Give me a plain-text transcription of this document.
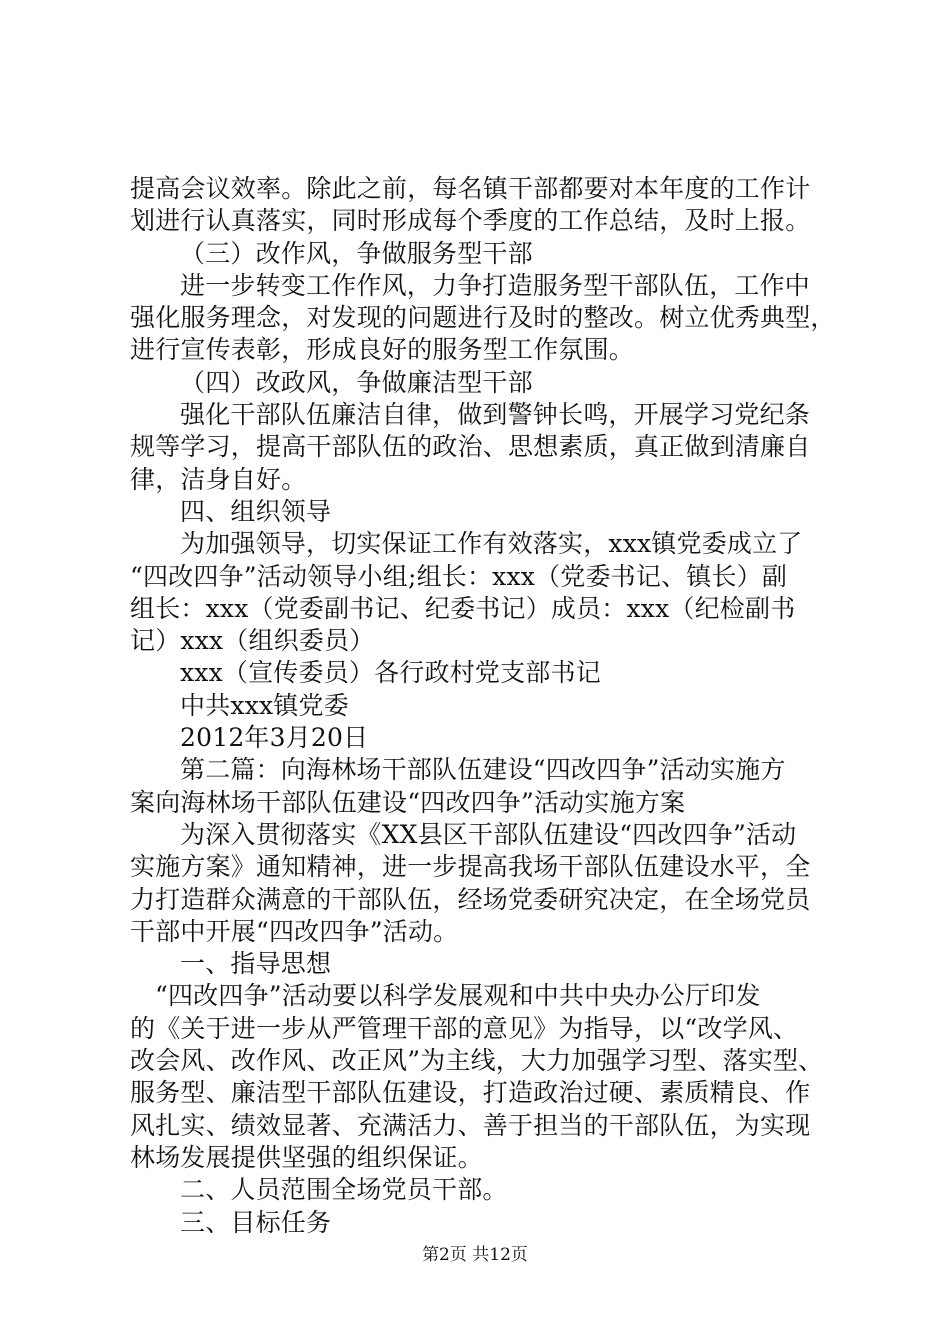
提高会议效率。除此之前，每名镇干部都要对本年度的工作计
划进行认真落实，同时形成每个季度的工作总结，及时上报。
（三）改作风，争做服务型干部
进一步转变工作作风，力争打造服务型干部队伍，工作中
强化服务理念，对发现的问题进行及时的整改。树立优秀典型，
进行宣传表彰，形成良好的服务型工作氛围。
（四）改政风，争做廉洁型干部
强化干部队伍廉洁自律，做到警钟长鸣，开展学习党纪条
规等学习，提高干部队伍的政治、思想素质，真正做到清廉自
律，洁身自好。
四、组织领导
为加强领导，切实保证工作有效落实，xxx镇党委成立了
“四改四争”活动领导小组;组长：xxx（党委书记、镇长）副
组长：xxx（党委副书记、纪委书记）成员：xxx（纪检副书
记）xxx（组织委员）
xxx（宣传委员）各行政村党支部书记
中共xxx镇党委
2012年3月20日
第二篇：向海林场干部队伍建设“四改四争”活动实施方
案向海林场干部队伍建设“四改四争”活动实施方案
为深入贯彻落实《XX县区干部队伍建设“四改四争”活动
实施方案》通知精神，进一步提高我场干部队伍建设水平，全
力打造群众满意的干部队伍，经场党委研究决定，在全场党员
干部中开展“四改四争”活动。
一、指导思想
“四改四争”活动要以科学发展观和中共中央办公厅印发
的《关于进一步从严管理干部的意见》为指导，以“改学风、
改会风、改作风、改正风”为主线，大力加强学习型、落实型、
服务型、廉洁型干部队伍建设，打造政治过硬、素质精良、作
风扎实、绩效显著、充满活力、善于担当的干部队伍，为实现
林场发展提供坚强的组织保证。
二、人员范围全场党员干部。
三、目标任务
第2页 共12页
